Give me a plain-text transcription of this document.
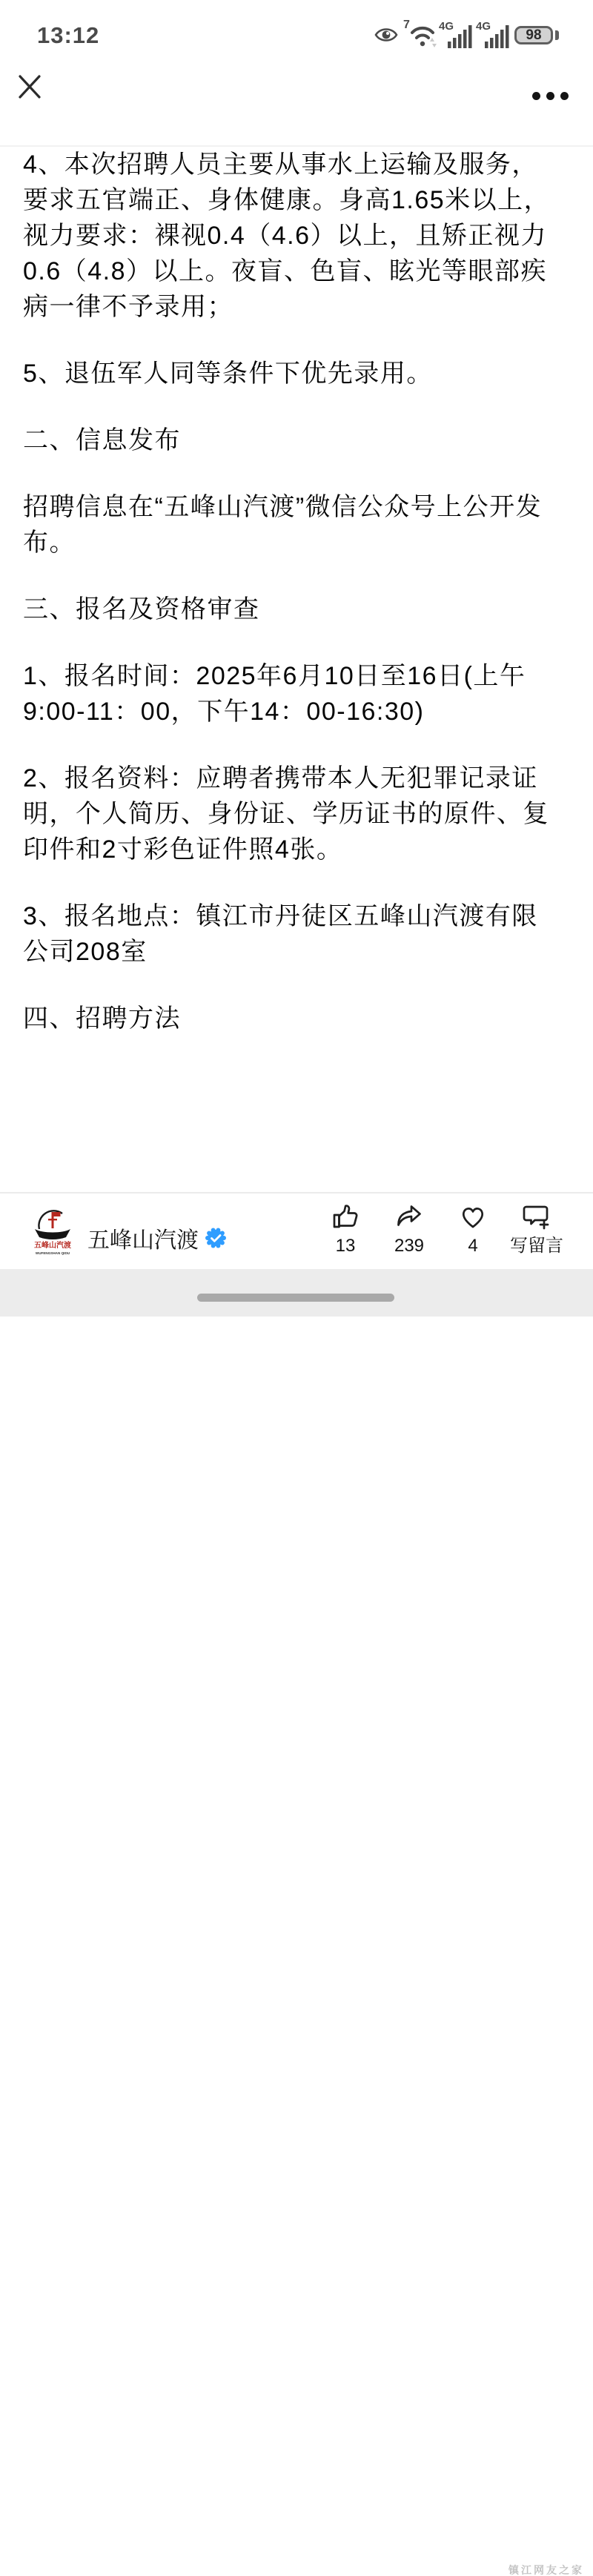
13:12	7	4G 4G
98
4、本次招聘人员主要从事水上运输及服务，
要求五官端正、身体健康。身高1.65米以上，
视力要求：裸视0.4（4.6）以上，且矫正视力
0.6（4.8）以上。夜盲、色盲、眩光等眼部疾
病一律不予录用；
5、退伍军人同等条件下优先录用。
二、信息发布
招聘信息在“五峰山汽渡”微信公众号上公开发
布。
三、报名及资格审查
1、报名时间：2025年6月10日至16日(上午
9:00-11：00，下午14：00-16:30)
2、报名资料：应聘者携带本人无犯罪记录证
明，个人简历、身份证、学历证书的原件、复
印件和2寸彩色证件照4张。
3、报名地点：镇江市丹徒区五峰山汽渡有限
公司208室
四、招聘方法
五峰山汽渡
WUFENGSHAN QIDU
五峰山汽渡	13 239 4 写留言
My0511.COM
镇江网友之家
